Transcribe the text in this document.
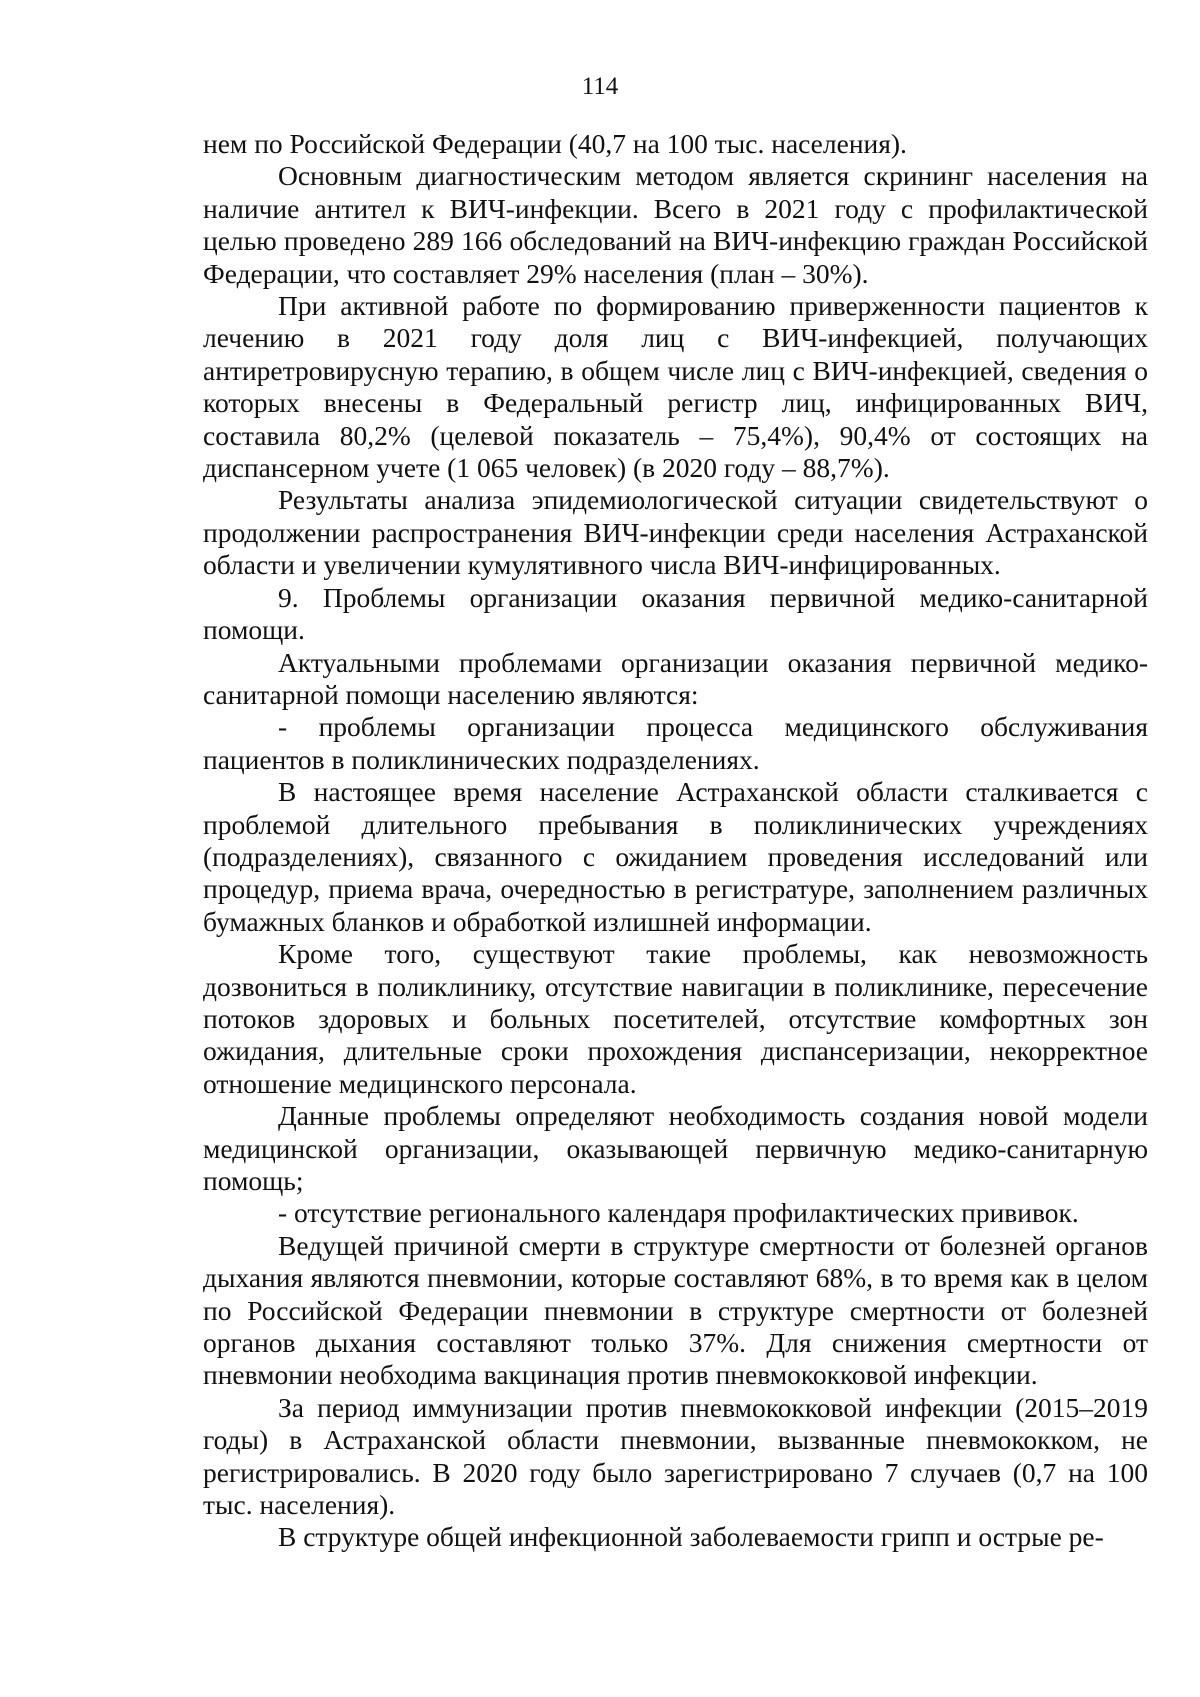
114

нем по Российской Федерации (40,7 на 100 тыс. населения).

Основным диагностическим методом является скрининг населения на наличие антител к ВИЧ-инфекции. Всего в 2021 году с профилактической целью проведено 289 166 обследований на ВИЧ-инфекцию граждан Российской Федерации, что составляет 29% населения (план – 30%).

При активной работе по формированию приверженности пациентов к лечению в 2021 году доля лиц с ВИЧ-инфекцией, получающих антиретровирусную терапию, в общем числе лиц с ВИЧ-инфекцией, сведения о которых внесены в Федеральный регистр лиц, инфицированных ВИЧ, составила 80,2% (целевой показатель – 75,4%), 90,4% от состоящих на диспансерном учете (1 065 человек) (в 2020 году – 88,7%).

Результаты анализа эпидемиологической ситуации свидетельствуют о продолжении распространения ВИЧ-инфекции среди населения Астраханской области и увеличении кумулятивного числа ВИЧ-инфицированных.

9. Проблемы организации оказания первичной медико-санитарной помощи.

Актуальными проблемами организации оказания первичной медико-санитарной помощи населению являются:

- проблемы организации процесса медицинского обслуживания пациентов в поликлинических подразделениях.

В настоящее время население Астраханской области сталкивается с проблемой длительного пребывания в поликлинических учреждениях (подразделениях), связанного с ожиданием проведения исследований или процедур, приема врача, очередностью в регистратуре, заполнением различных бумажных бланков и обработкой излишней информации.

Кроме того, существуют такие проблемы, как невозможность дозвониться в поликлинику, отсутствие навигации в поликлинике, пересечение потоков здоровых и больных посетителей, отсутствие комфортных зон ожидания, длительные сроки прохождения диспансеризации, некорректное отношение медицинского персонала.

Данные проблемы определяют необходимость создания новой модели медицинской организации, оказывающей первичную медико-санитарную помощь;

- отсутствие регионального календаря профилактических прививок.

Ведущей причиной смерти в структуре смертности от болезней органов дыхания являются пневмонии, которые составляют 68%, в то время как в целом по Российской Федерации пневмонии в структуре смертности от болезней органов дыхания составляют только 37%. Для снижения смертности от пневмонии необходима вакцинация против пневмококковой инфекции.

За период иммунизации против пневмококковой инфекции (2015–2019 годы) в Астраханской области пневмонии, вызванные пневмококком, не регистрировались. В 2020 году было зарегистрировано 7 случаев (0,7 на 100 тыс. населения).

В структуре общей инфекционной заболеваемости грипп и острые ре-
